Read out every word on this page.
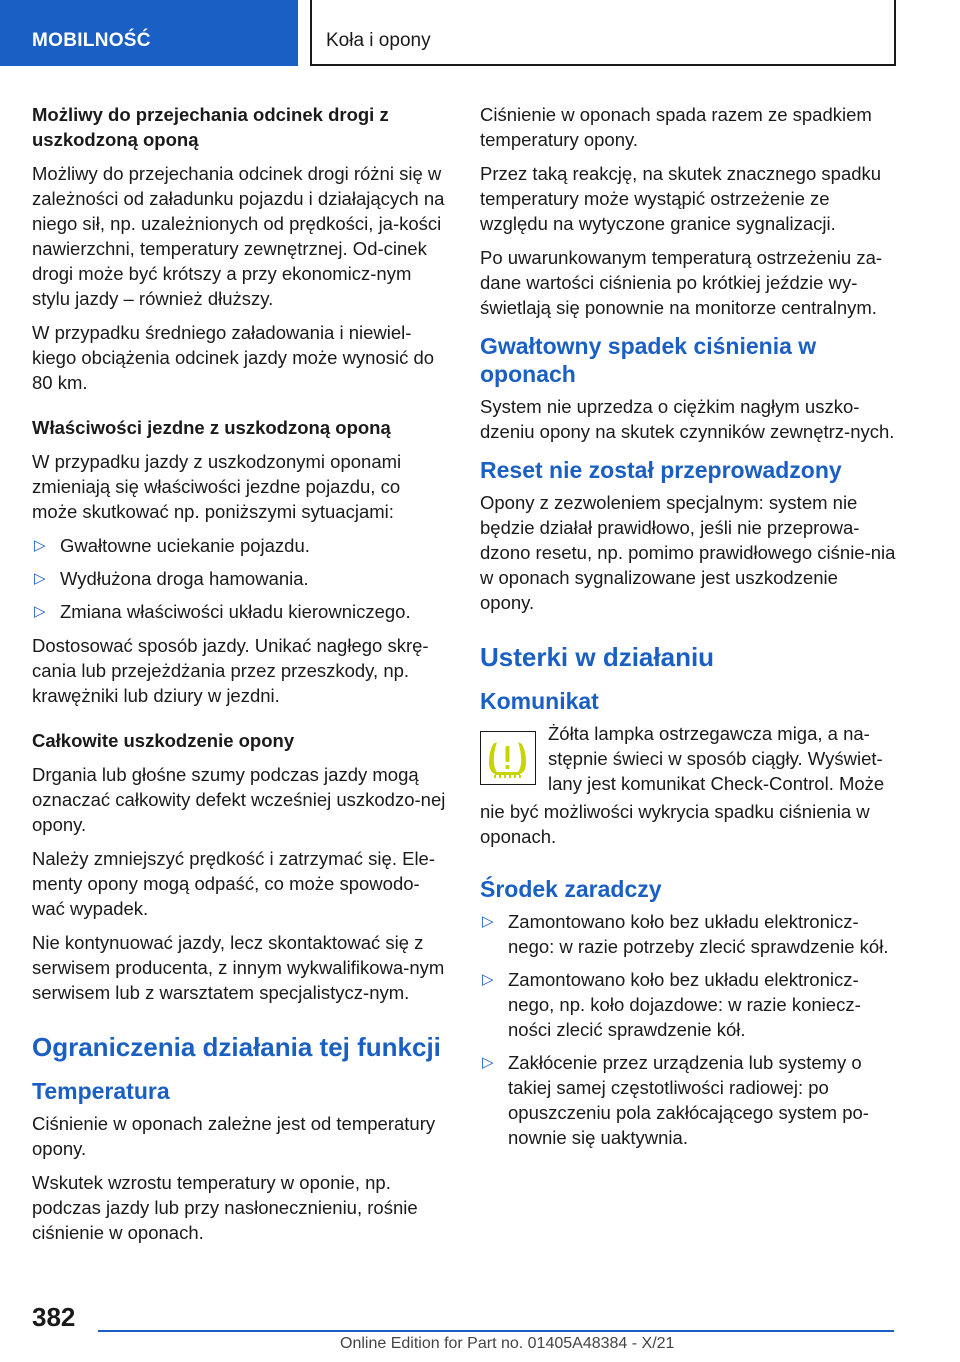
MOBILNOŚĆ	Koła i opony
Możliwy do przejechania odcinek drogi z uszkodzoną oponą

Możliwy do przejechania odcinek drogi różni się w zależności od załadunku pojazdu i działających na niego sił, np. uzależnionych od prędkości, ja-kości nawierzchni, temperatury zewnętrznej. Od-cinek drogi może być krótszy a przy ekonomicz-nym stylu jazdy – również dłuższy.

W przypadku średniego załadowania i niewiel-kiego obciążenia odcinek jazdy może wynosić do 80 km.

Właściwości jezdne z uszkodzoną oponą

W przypadku jazdy z uszkodzonymi oponami zmieniają się właściwości jezdne pojazdu, co może skutkować np. poniższymi sytuacjami:

▷ Gwałtowne uciekanie pojazdu.
▷ Wydłużona droga hamowania.
▷ Zmiana właściwości układu kierowniczego.

Dostosować sposób jazdy. Unikać nagłego skrę-cania lub przejeżdżania przez przeszkody, np. krawężniki lub dziury w jezdni.

Całkowite uszkodzenie opony

Drgania lub głośne szumy podczas jazdy mogą oznaczać całkowity defekt wcześniej uszkodzo-nej opony.

Należy zmniejszyć prędkość i zatrzymać się. Ele-menty opony mogą odpaść, co może spowodo-wać wypadek.

Nie kontynuować jazdy, lecz skontaktować się z serwisem producenta, z innym wykwalifikowa-nym serwisem lub z warsztatem specjalistycz-nym.

Ograniczenia działania tej funkcji
Temperatura

Ciśnienie w oponach zależne jest od temperatury opony.

Wskutek wzrostu temperatury w oponie, np. podczas jazdy lub przy nasłonecznieniu, rośnie ciśnienie w oponach.

Ciśnienie w oponach spada razem ze spadkiem temperatury opony.

Przez taką reakcję, na skutek znacznego spadku temperatury może wystąpić ostrzeżenie ze względu na wytyczone granice sygnalizacji.

Po uwarunkowanym temperaturą ostrzeżeniu za-dane wartości ciśnienia po krótkiej jeździe wy-świetlają się ponownie na monitorze centralnym.

Gwałtowny spadek ciśnienia w oponach

System nie uprzedza o ciężkim nagłym uszko-dzeniu opony na skutek czynników zewnętrz-nych.

Reset nie został przeprowadzony

Opony z zezwoleniem specjalnym: system nie będzie działał prawidłowo, jeśli nie przeprowa-dzono resetu, np. pomimo prawidłowego ciśnie-nia w oponach sygnalizowane jest uszkodzenie opony.

Usterki w działaniu
Komunikat

Żółta lampka ostrzegawcza miga, a na-stępnie świeci w sposób ciągły. Wyświet-lany jest komunikat Check-Control. Może

nie być możliwości wykrycia spadku ciśnienia w oponach.

Środek zaradczy
▷ Zamontowano koło bez układu elektronicz-nego: w razie potrzeby zlecić sprawdzenie kół.
▷ Zamontowano koło bez układu elektronicz-nego, np. koło dojazdowe: w razie koniecz-ności zlecić sprawdzenie kół.
▷ Zakłócenie przez urządzenia lub systemy o takiej samej częstotliwości radiowej: po opuszczeniu pola zakłócającego system po-nownie się uaktywnia.
382
Online Edition for Part no. 01405A48384 - X/21
